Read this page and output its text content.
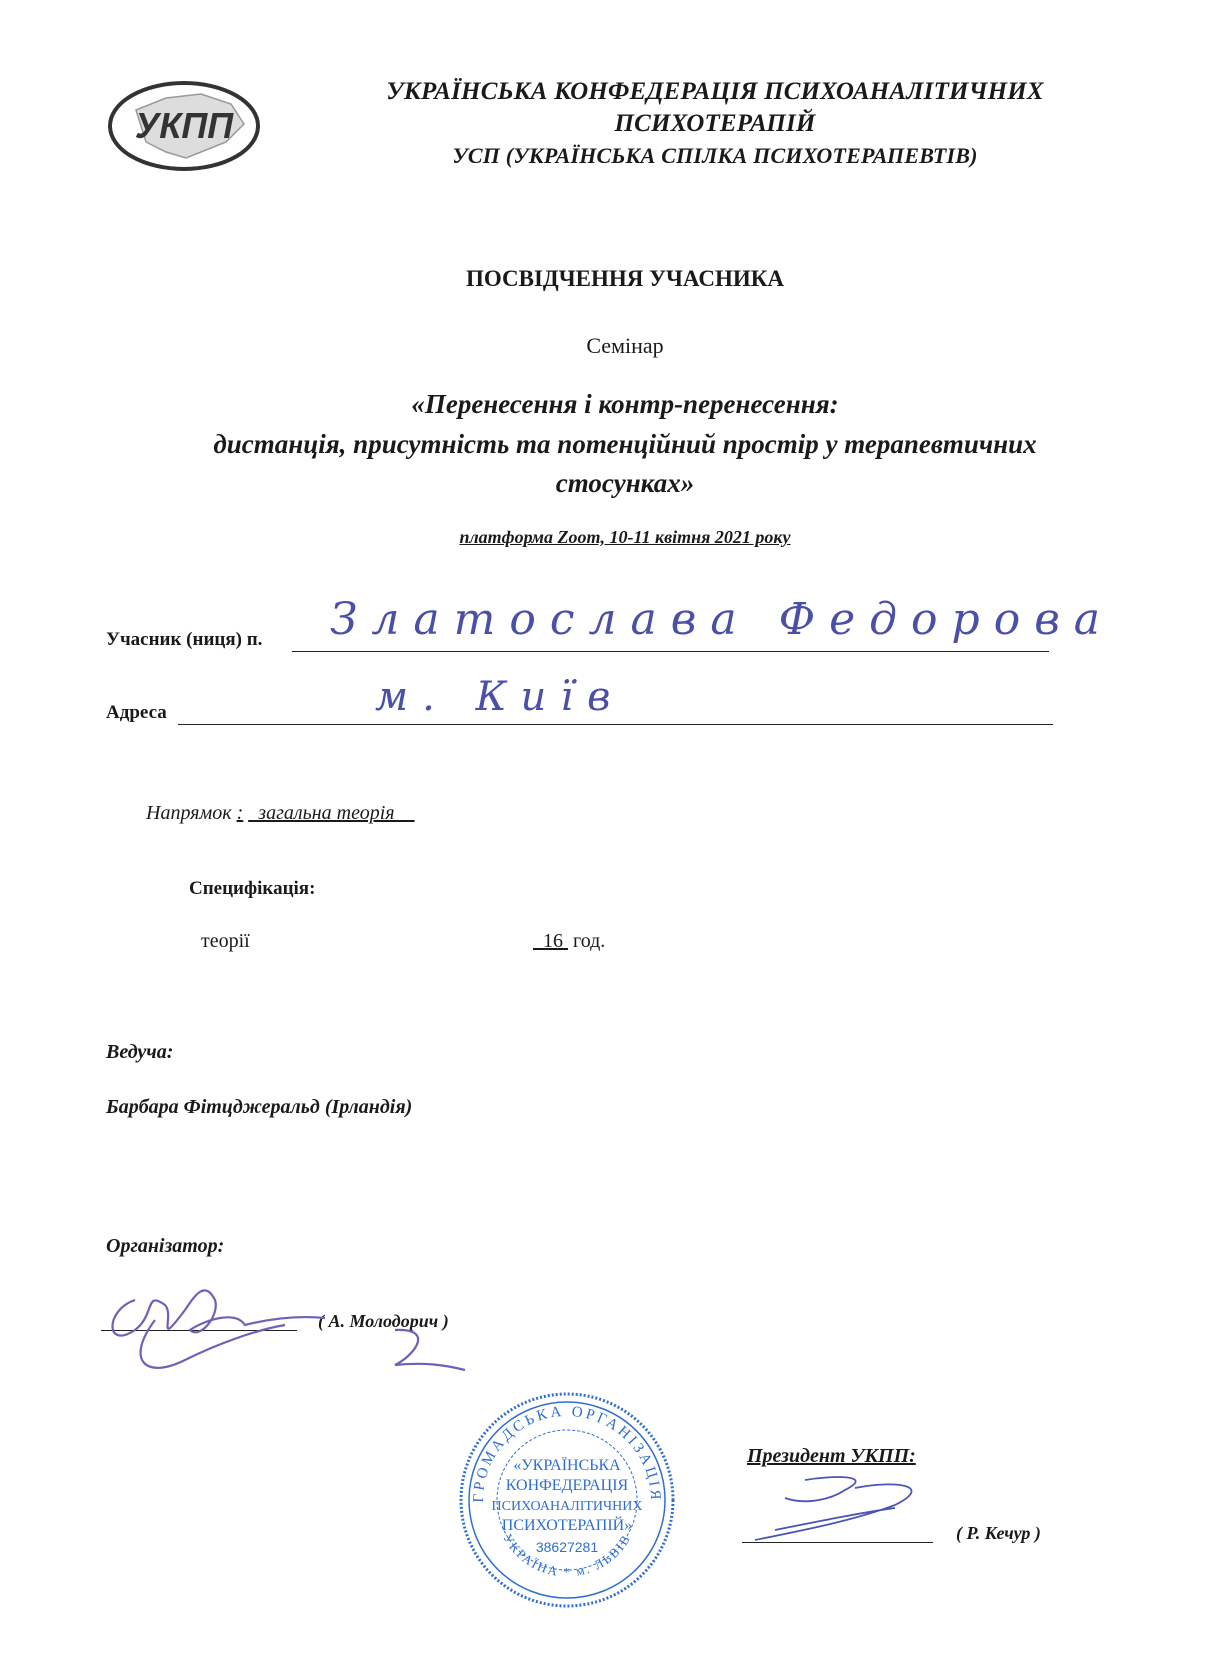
УКПП
УКРАЇНСЬКА КОНФЕДЕРАЦІЯ ПСИХОАНАЛІТИЧНИХ
ПСИХОТЕРАПІЙ
УСП (УКРАЇНСЬКА СПІЛКА ПСИХОТЕРАПЕВТІВ)
ПОСВІДЧЕННЯ УЧАСНИКА
Семінар
«Перенесення і контр-перенесення:
дистанція, присутність та потенційний простір у терапевтичних
стосунках»
платформа Zoom, 10-11 квітня 2021 року
Учасник (ниця) п. Златослава Федорова
Адреса	м. Київ
Напрямок : _загальна теорія__
Специфікація:
теорії	16 год.
Ведуча:
Барбара Фітцджеральд (Ірландія)
Організатор:
( А. Молодорич )
ГРОМАДСЬКА ОРГАНІЗАЦІЯ
УКРАЇНА * м. ЛЬВІВ
«УКРАЇНСЬКА
КОНФЕДЕРАЦІЯ
ПСИХОАНАЛІТИЧНИХ
ПСИХОТЕРАПІЙ»
38627281
Президент УКПП:
( Р. Кечур )
